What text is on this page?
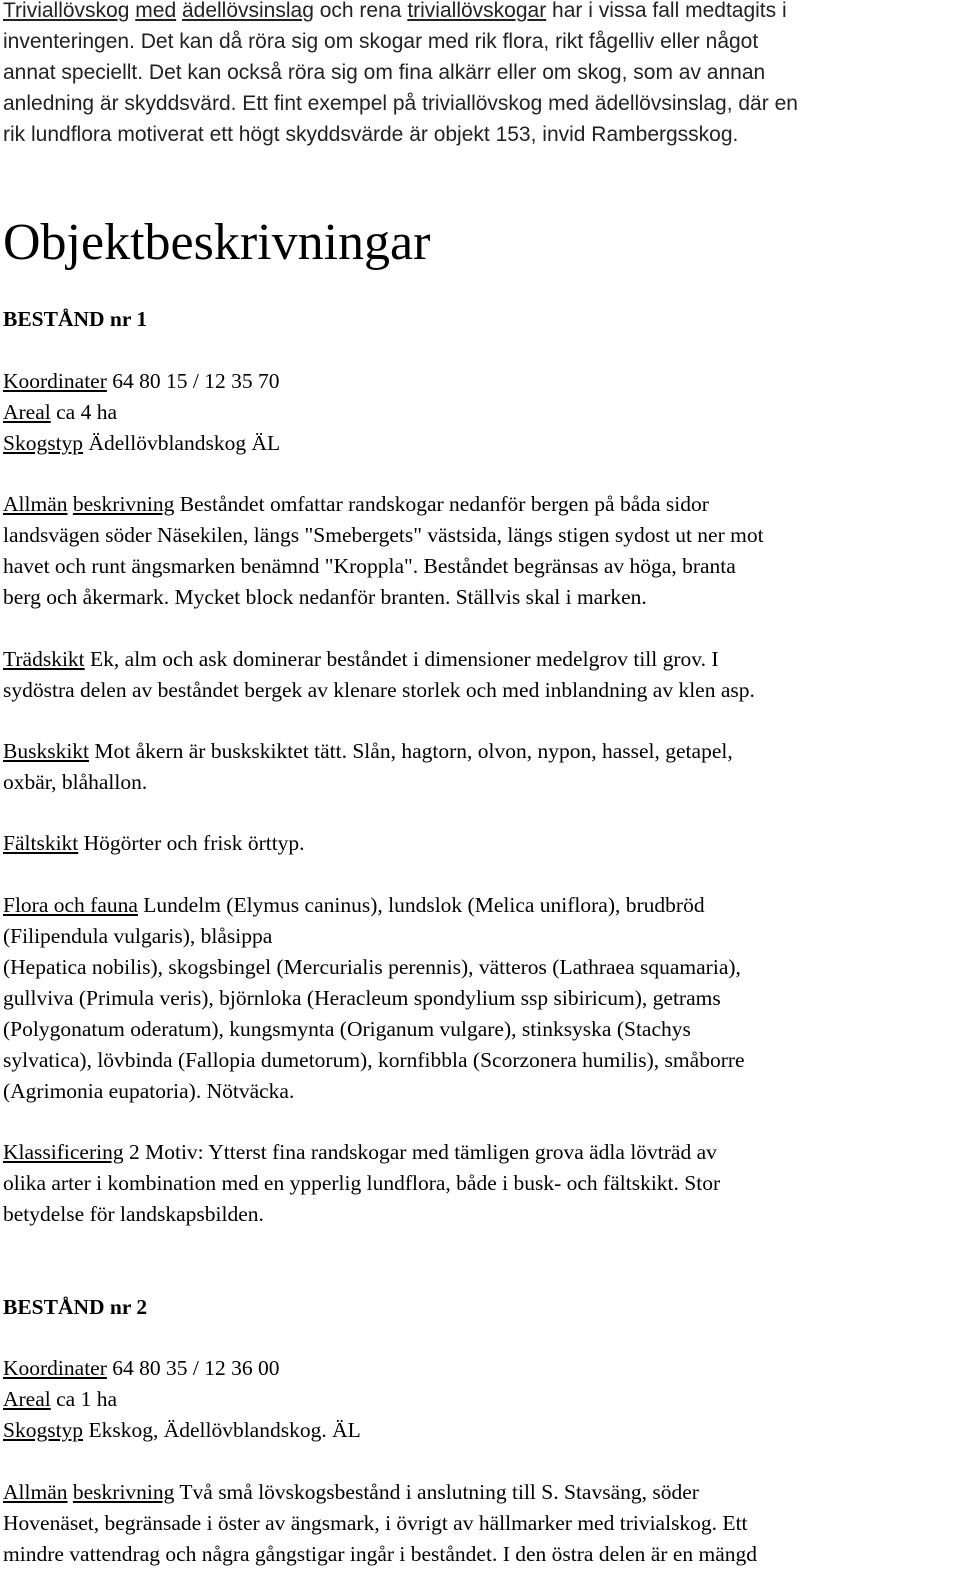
Triviallövskog med ädellövsinslag och rena triviallövskogar har i vissa fall medtagits i
inventeringen. Det kan då röra sig om skogar med rik flora, rikt fågelliv eller något
annat speciellt. Det kan också röra sig om fina alkärr eller om skog, som av annan
anledning är skyddsvärd. Ett fint exempel på triviallövskog med ädellövsinslag, där en
rik lundflora motiverat ett högt skyddsvärde är objekt 153, invid Rambergsskog.
Objektbeskrivningar
BESTÅND nr 1
Koordinater 64 80 15 / 12 35 70
Areal ca 4 ha
Skogstyp Ädellövblandskog ÄL
Allmän beskrivning Beståndet omfattar randskogar nedanför bergen på båda sidor
landsvägen söder Näsekilen, längs "Smebergets" västsida, längs stigen sydost ut ner mot
havet och runt ängsmarken benämnd "Kroppla". Beståndet begränsas av höga, branta
berg och åkermark. Mycket block nedanför branten. Ställvis skal i marken.
Trädskikt Ek, alm och ask dominerar beståndet i dimensioner medelgrov till grov. I
sydöstra delen av beståndet bergek av klenare storlek och med inblandning av klen asp.
Buskskikt Mot åkern är buskskiktet tätt. Slån, hagtorn, olvon, nypon, hassel, getapel,
oxbär, blåhallon.
Fältskikt Högörter och frisk örttyp.
Flora och fauna Lundelm (Elymus caninus), lundslok (Melica uniflora), brudbröd
(Filipendula vulgaris), blåsippa
(Hepatica nobilis), skogsbingel (Mercurialis perennis), vätteros (Lathraea squamaria),
gullviva (Primula veris), björnloka (Heracleum spondylium ssp sibiricum), getrams
(Polygonatum oderatum), kungsmynta (Origanum vulgare), stinksyska (Stachys
sylvatica), lövbinda (Fallopia dumetorum), kornfibbla (Scorzonera humilis), småborre
(Agrimonia eupatoria). Nötväcka.
Klassificering 2 Motiv: Ytterst fina randskogar med tämligen grova ädla lövträd av
olika arter i kombination med en ypperlig lundflora, både i busk- och fältskikt. Stor
betydelse för landskapsbilden.
BESTÅND nr 2
Koordinater 64 80 35 / 12 36 00
Areal ca 1 ha
Skogstyp Ekskog, Ädellövblandskog. ÄL
Allmän beskrivning Två små lövskogsbestånd i anslutning till S. Stavsäng, söder
Hovenäset, begränsade i öster av ängsmark, i övrigt av hällmarker med trivialskog. Ett
mindre vattendrag och några gångstigar ingår i beståndet. I den östra delen är en mängd
